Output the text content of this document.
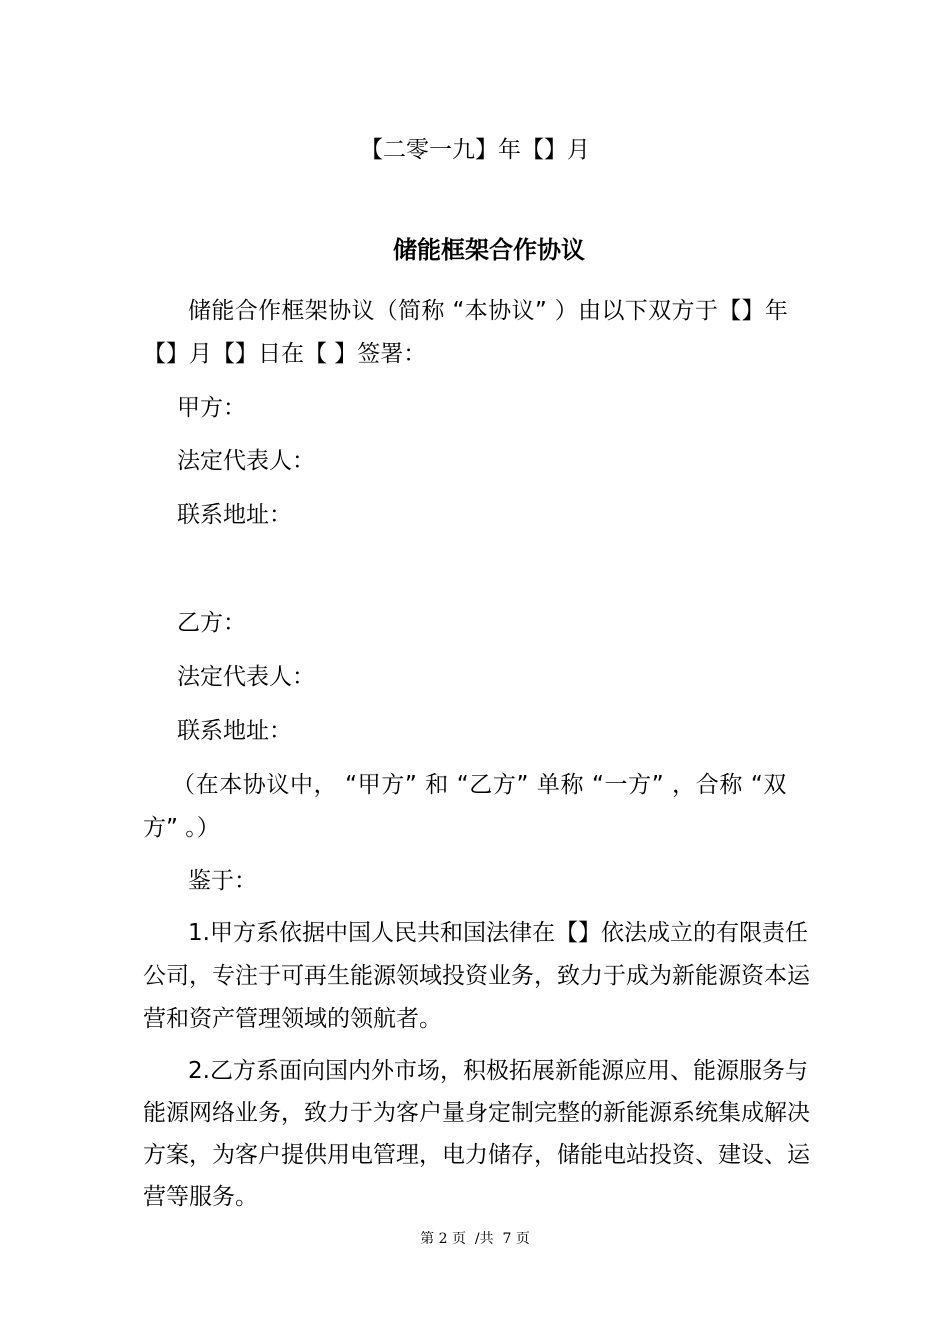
【二零一九】年【】月
储能框架合作协议
储能合作框架协议（简称 “本协议” ）由以下双方于【】年
【】月【】日在【 】签署：
甲方：
法定代表人：
联系地址：
乙方：
法定代表人：
联系地址：
（在本协议中， “甲方” 和 “乙方” 单称 “一方” ，合称 “双
方” 。）
鉴于：
1.甲方系依据中国人民共和国法律在【】依法成立的有限责任
公司，专注于可再生能源领域投资业务，致力于成为新能源资本运
营和资产管理领域的领航者。
2.乙方系面向国内外市场，积极拓展新能源应用、能源服务与
能源网络业务，致力于为客户量身定制完整的新能源系统集成解决
方案，为客户提供用电管理，电力储存，储能电站投资、建设、运
营等服务。
第 2 页  /共  7 页
